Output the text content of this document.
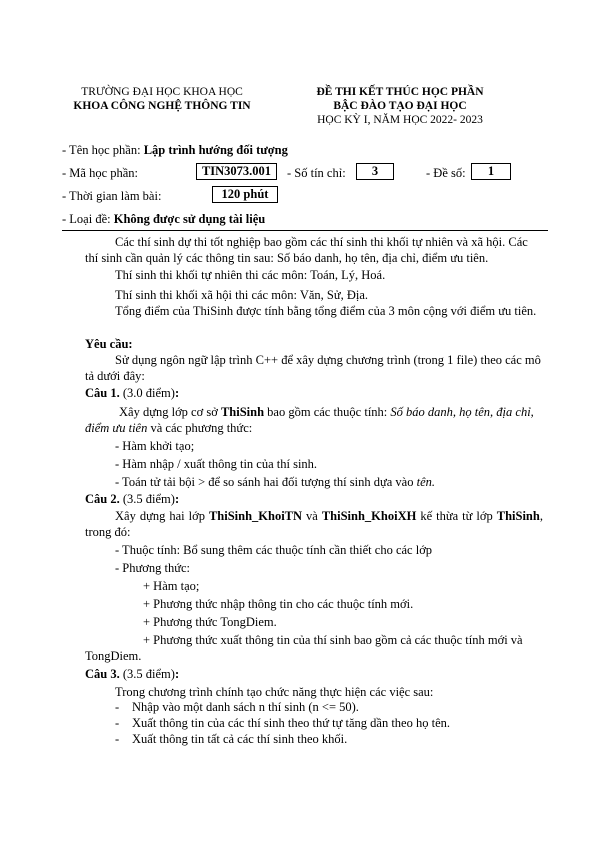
TRƯỜNG ĐẠI HỌC KHOA HỌC
KHOA CÔNG NGHỆ THÔNG TIN
ĐỀ THI KẾT THÚC HỌC PHẦN
BẬC ĐÀO TẠO ĐẠI HỌC
HỌC KỲ I, NĂM HỌC 2022- 2023
- Tên học phần: Lập trình hướng đối tượng
- Mã học phần:	TIN3073.001	- Số tín chỉ:	3	- Đề số:	1
- Thời gian làm bài:	120 phút
- Loại đề: Không được sử dụng tài liệu
Các thí sinh dự thi tốt nghiệp bao gồm các thí sinh thi khối tự nhiên và xã hội. Các thí sinh cần quản lý các thông tin sau: Số báo danh, họ tên, địa chỉ, điểm ưu tiên.
Thí sinh thi khối tự nhiên thi các môn: Toán, Lý, Hoá.
Thí sinh thi khối xã hội thi các môn: Văn, Sử, Địa.
Tổng điểm của ThiSinh được tính bằng tổng điểm của 3 môn cộng với điểm ưu tiên.
Yêu cầu:
Sử dụng ngôn ngữ lập trình C++ để xây dựng chương trình (trong 1 file) theo các mô tả dưới đây:
Câu 1. (3.0 điểm):
Xây dựng lớp cơ sở ThiSinh bao gồm các thuộc tính: Số báo danh, họ tên, địa chỉ, điểm ưu tiên và các phương thức:
- Hàm khởi tạo;
- Hàm nhập / xuất thông tin của thí sinh.
- Toán tử tải bội > để so sánh hai đối tượng thí sinh dựa vào tên.
Câu 2. (3.5 điểm):
Xây dựng hai lớp ThiSinh_KhoiTN và ThiSinh_KhoiXH kế thừa từ lớp ThiSinh, trong đó:
- Thuộc tính: Bổ sung thêm các thuộc tính cần thiết cho các lớp
- Phương thức:
+ Hàm tạo;
+ Phương thức nhập thông tin cho các thuộc tính mới.
+ Phương thức TongDiem.
+ Phương thức xuất thông tin của thí sinh bao gồm cả các thuộc tính mới và TongDiem.
Câu 3. (3.5 điểm):
Trong chương trình chính tạo chức năng thực hiện các việc sau:
- Nhập vào một danh sách n thí sinh (n <= 50).
- Xuất thông tin của các thí sinh theo thứ tự tăng dần theo họ tên.
- Xuất thông tin tất cả các thí sinh theo khối.
